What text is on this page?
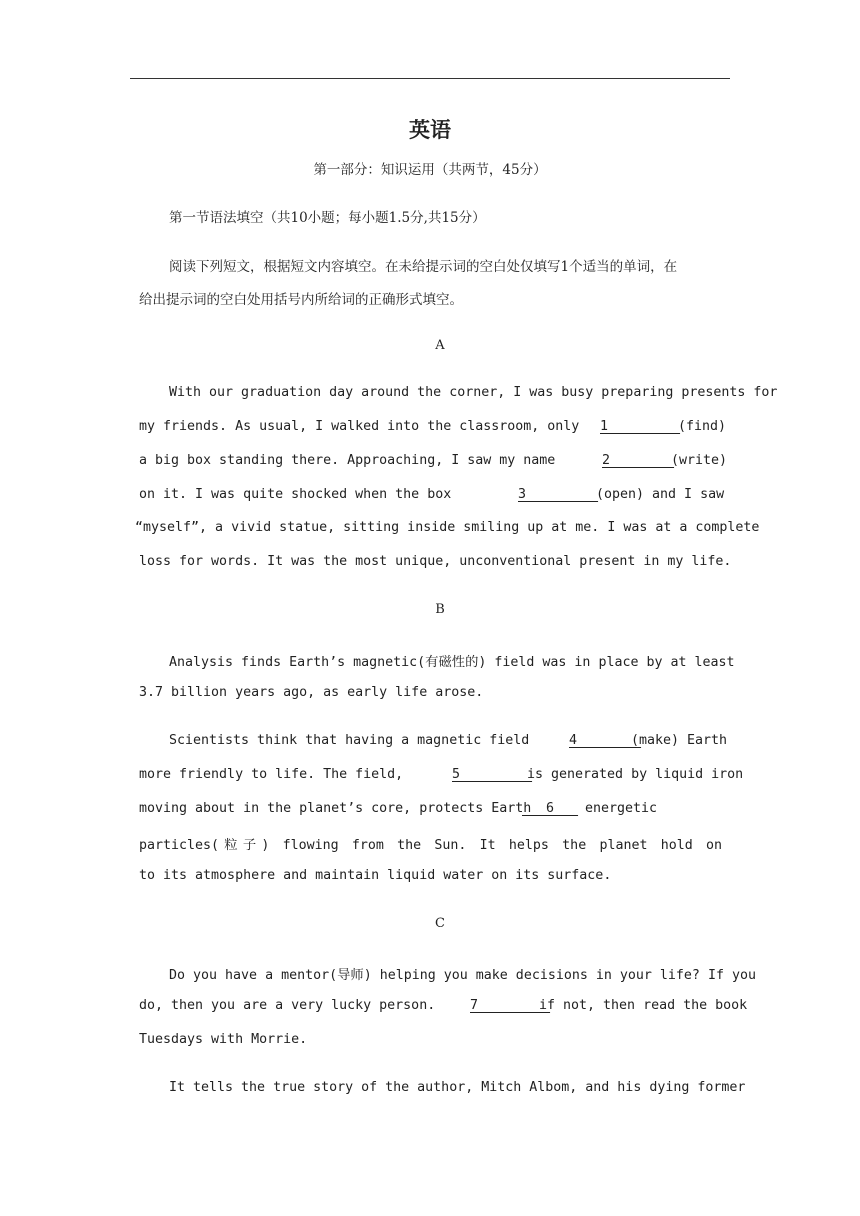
英语
第一部分：知识运用（共两节，45分）
第一节语法填空（共10小题；每小题1.5分,共15分）
阅读下列短文，根据短文内容填空。在未给提示词的空白处仅填写1个适当的单词，在
给出提示词的空白处用括号内所给词的正确形式填空。
A
With our graduation day around the corner, I was busy preparing presents for
my friends. As usual, I walked into the classroom, only 1
(find)
a big box standing there. Approaching, I saw my name	2
(write)
on it. I was quite shocked when the box	3
(open) and I saw
“myself”, a vivid statue, sitting inside smiling up at me. I was at a complete
loss for words. It was the most unique, unconventional present in my life.
B
Analysis finds Earth’s magnetic(有磁性的) field was in place by at least
3.7 billion years ago, as early life arose.
Scientists think that having a magnetic field	4
(make) Earth
more friendly to life. The field,	5
is generated by liquid iron
moving about in the planet’s core, protects Earth
6 energetic
particles(粒子) flowing from the Sun. It helps the planet hold on
to its atmosphere and maintain liquid water on its surface.
C
Do you have a mentor(导师) helping you make decisions in your life? If you
do, then you are a very lucky person.	7
if not, then read the book
Tuesdays with Morrie.
It tells the true story of the author, Mitch Albom, and his dying former
